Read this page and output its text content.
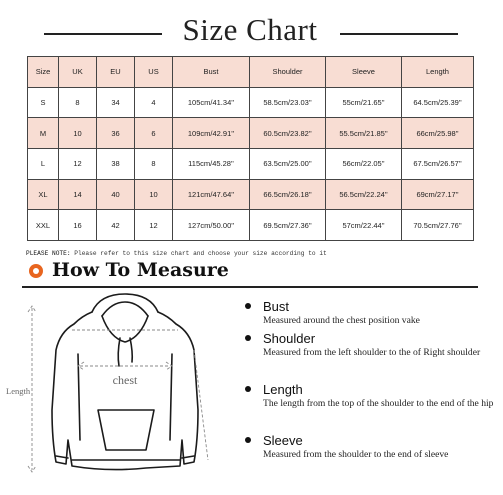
Size Chart
Size	UK	EU	US	Bust	Shoulder	Sleeve	Length
S	8	34	4	105cm/41.34''	58.5cm/23.03''	55cm/21.65''	64.5cm/25.39''
M	10	36	6	109cm/42.91''	60.5cm/23.82''	55.5cm/21.85''	66cm/25.98''
L	12	38	8	115cm/45.28''	63.5cm/25.00''	56cm/22.05''	67.5cm/26.57''
XL	14	40	10	121cm/47.64''	66.5cm/26.18''	56.5cm/22.24''	69cm/27.17''
XXL	16	42	12	127cm/50.00''	69.5cm/27.36''	57cm/22.44''	70.5cm/27.76''
PLEASE NOTE: Please refer to this size chart and choose your size according to it
How To Measure
chest
Length
Bust
Measured around the chest position vake
Shoulder
Measured from the left shoulder to the of Right shoulder
Length
The length from the top of the shoulder to the end of the hip
Sleeve
Measured from the shoulder to the end of sleeve
